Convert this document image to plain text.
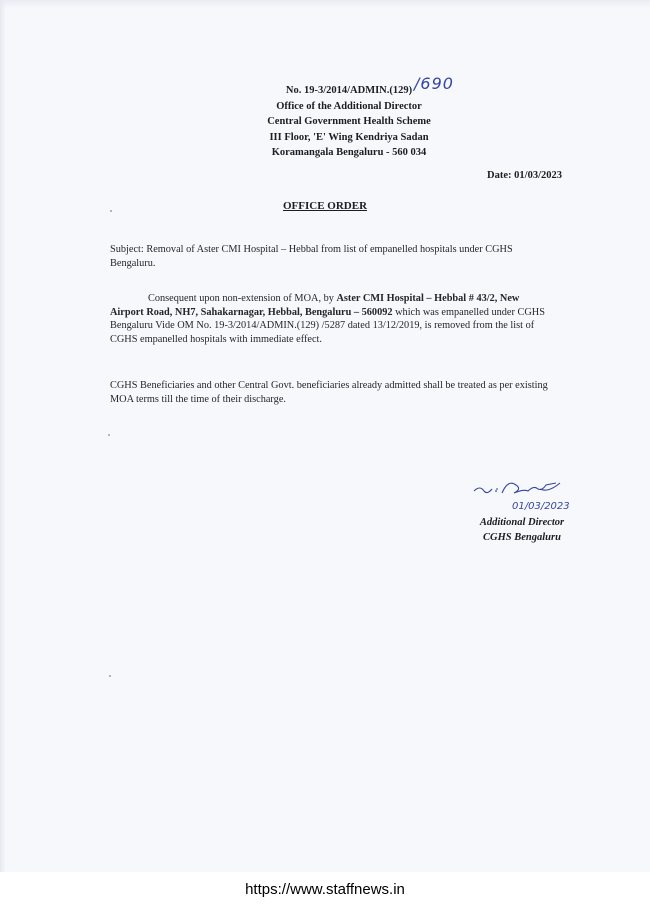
No. 19-3/2014/ADMIN.(129)
Office of the Additional Director
Central Government Health Scheme
III Floor, 'E' Wing Kendriya Sadan
Koramangala Bengaluru - 560 034
/690
Date: 01/03/2023
OFFICE ORDER
Subject: Removal of Aster CMI Hospital – Hebbal from list of empanelled hospitals under CGHS Bengaluru.
Consequent upon non-extension of MOA, by Aster CMI Hospital – Hebbal # 43/2, New Airport Road, NH7, Sahakarnagar, Hebbal, Bengaluru – 560092 which was empanelled under CGHS Bengaluru Vide OM No. 19-3/2014/ADMIN.(129) /5287 dated 13/12/2019, is removed from the list of CGHS empanelled hospitals with immediate effect.
CGHS Beneficiaries and other Central Govt. beneficiaries already admitted shall be treated as per existing MOA terms till the time of their discharge.
01/03/2023
Additional Director
CGHS Bengaluru
https://www.staffnews.in
